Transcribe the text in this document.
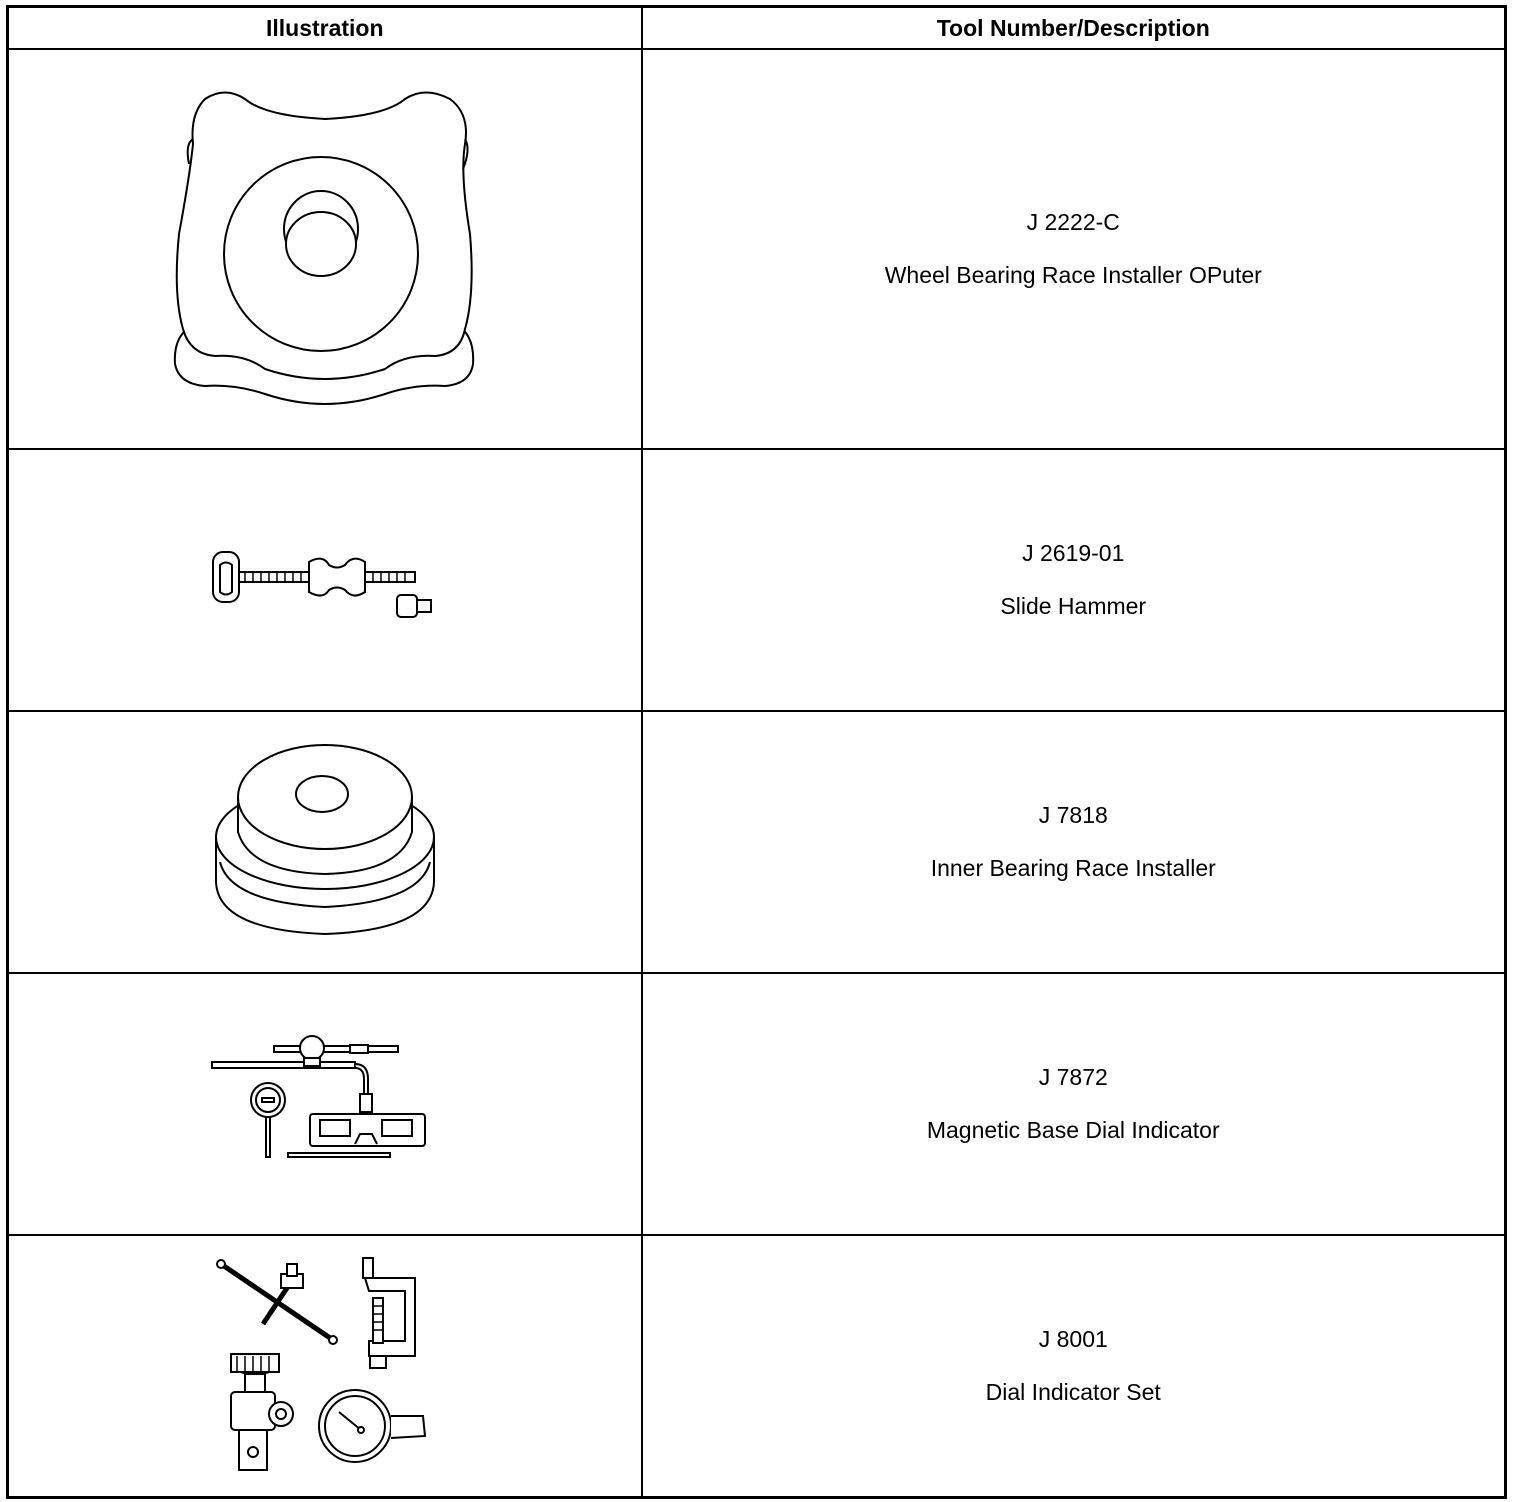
Illustration	Tool Number/Description

J 2222-C
Wheel Bearing Race Installer OPuter

J 2619-01
Slide Hammer

J 7818
Inner Bearing Race Installer

J 7872
Magnetic Base Dial Indicator

J 8001
Dial Indicator Set
